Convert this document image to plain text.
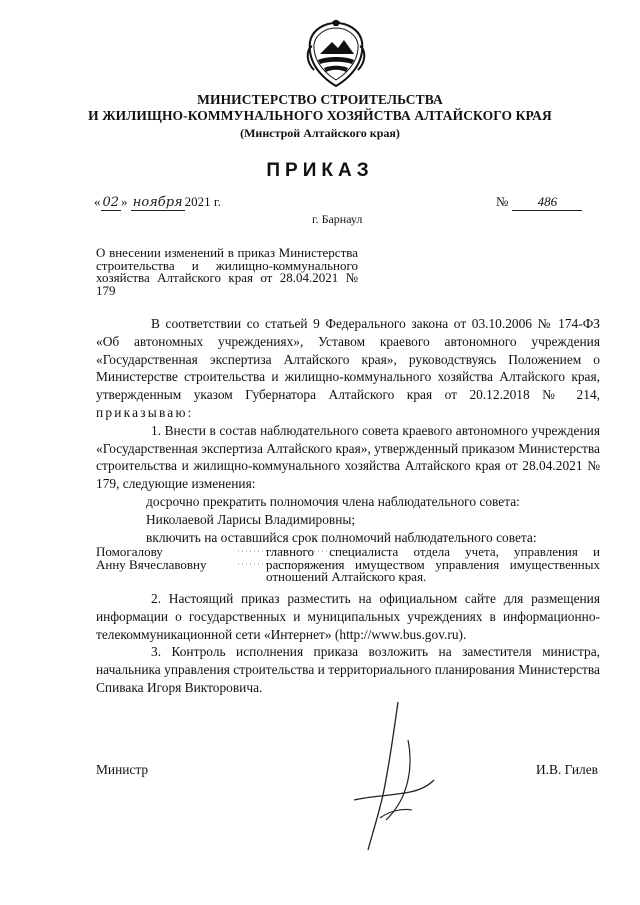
МИНИСТЕРСТВО СТРОИТЕЛЬСТВА
И ЖИЛИЩНО-КОММУНАЛЬНОГО ХОЗЯЙСТВА АЛТАЙСКОГО КРАЯ
(Минстрой Алтайского края)
ПРИКАЗ
« 02 » ноября 2021 г.	№ 486
г. Барнаул
О внесении изменений в приказ Министерства строительства и жилищно-коммунального хозяйства Алтайского края от 28.04.2021 № 179

В соответствии со статьей 9 Федерального закона от 03.10.2006 № 174-ФЗ «Об автономных учреждениях», Уставом краевого автономного учреждения «Государственная экспертиза Алтайского края», руководствуясь Положением о Министерстве строительства и жилищно-коммунального хозяйства Алтайского края, утвержденным указом Губернатора Алтайского края от 20.12.2018 № 214, приказываю:

1. Внести в состав наблюдательного совета краевого автономного учреждения «Государственная экспертиза Алтайского края», утвержденный приказом Министерства строительства и жилищно-коммунального хозяйства Алтайского края от 28.04.2021 № 179, следующие изменения:

досрочно прекратить полномочия члена наблюдательного совета:

Николаевой Ларисы Владимировны;

включить на оставшийся срок полномочий наблюдательного совета:

Помогалову
Анну Вячеславовну
главного специалиста отдела учета, управления и распоряжения имуществом управления имущественных отношений Алтайского края.

2. Настоящий приказ разместить на официальном сайте для размещения информации о государственных и муниципальных учреждениях в информационно-телекоммуникационной сети «Интернет» (http://www.bus.gov.ru).

3. Контроль исполнения приказа возложить на заместителя министра, начальника управления строительства и территориального планирования Министерства Спивака Игоря Викторовича.

Министр	И.В. Гилев
